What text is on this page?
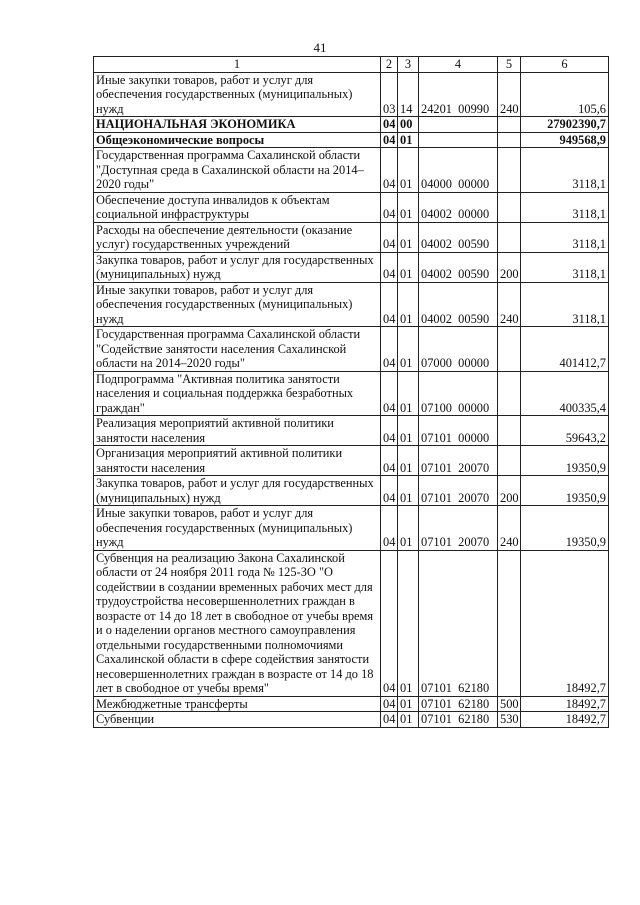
41
1	2	3	4	5	6
Иные закупки товаров, работ и услуг для обеспечения государственных (муниципальных) нужд	03	14	24201  00990	240	105,6
НАЦИОНАЛЬНАЯ ЭКОНОМИКА	04	00			27902390,7
Общеэкономические вопросы	04	01			949568,9
Государственная программа Сахалинской области "Доступная среда в Сахалинской области на 2014–2020 годы"	04	01	04000  00000		3118,1
Обеспечение доступа инвалидов к объектам социальной инфраструктуры	04	01	04002  00000		3118,1
Расходы на обеспечение деятельности (оказание услуг) государственных учреждений	04	01	04002  00590		3118,1
Закупка товаров, работ и услуг для государственных (муниципальных) нужд	04	01	04002  00590	200	3118,1
Иные закупки товаров, работ и услуг для обеспечения государственных (муниципальных) нужд	04	01	04002  00590	240	3118,1
Государственная программа Сахалинской области "Содействие занятости населения Сахалинской области на 2014–2020 годы"	04	01	07000  00000		401412,7
Подпрограмма "Активная политика занятости населения и социальная поддержка безработных граждан"	04	01	07100  00000		400335,4
Реализация мероприятий активной политики занятости населения	04	01	07101  00000		59643,2
Организация мероприятий активной политики занятости населения	04	01	07101  20070		19350,9
Закупка товаров, работ и услуг для государственных (муниципальных) нужд	04	01	07101  20070	200	19350,9
Иные закупки товаров, работ и услуг для обеспечения государственных (муниципальных) нужд	04	01	07101  20070	240	19350,9
Субвенция на реализацию Закона Сахалинской области от 24 ноября 2011 года № 125-ЗО "О содействии в создании временных рабочих мест для трудоустройства несовершеннолетних граждан в возрасте от 14 до 18 лет в свободное от учебы время и о наделении органов местного самоуправления отдельными государственными полномочиями Сахалинской области в сфере содействия занятости несовершеннолетних граждан в возрасте от 14 до 18 лет в свободное от учебы время"	04	01	07101  62180		18492,7
Межбюджетные трансферты	04	01	07101  62180	500	18492,7
Субвенции	04	01	07101  62180	530	18492,7
